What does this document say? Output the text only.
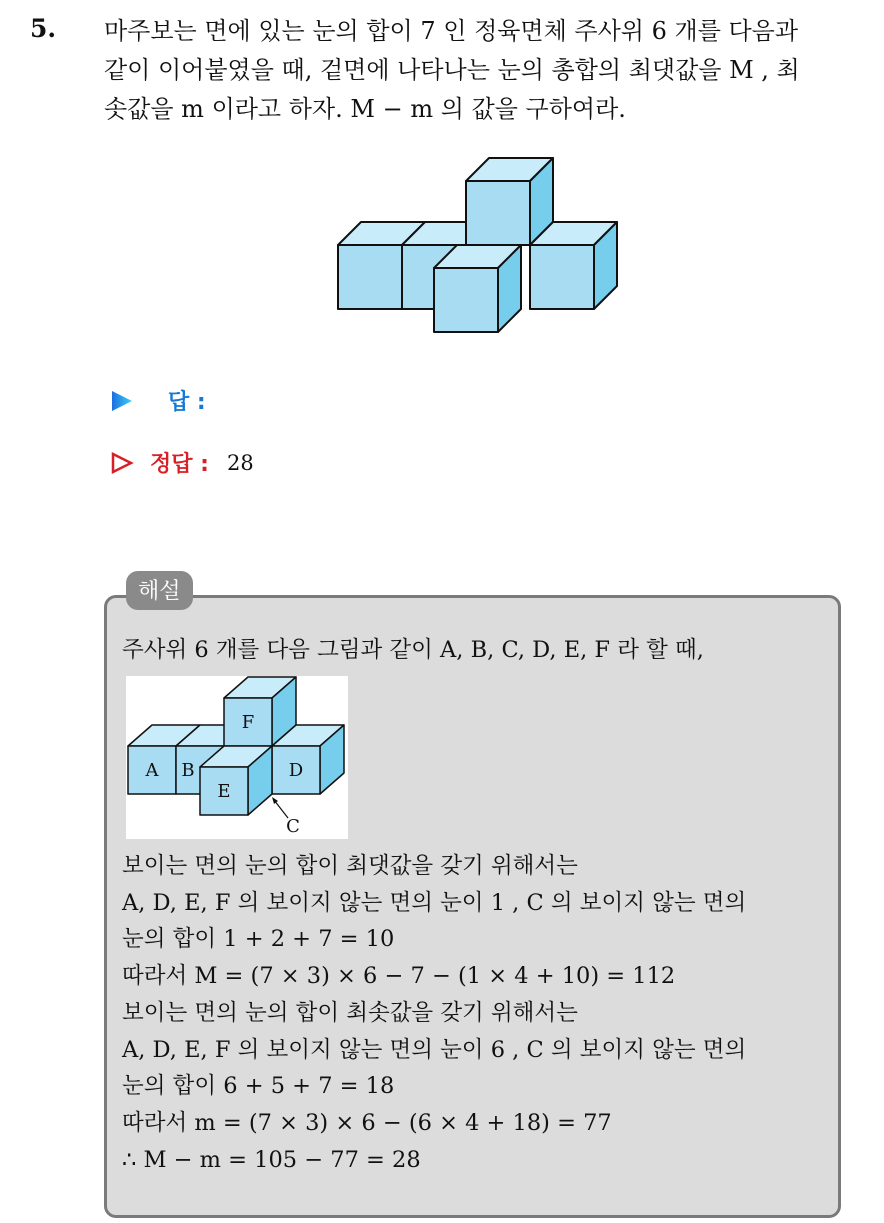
5. 마주보는 면에 있는 눈의 합이 7 인 정육면체 주사위 6 개를 다음과
같이 이어붙였을 때, 겉면에 나타나는 눈의 총합의 최댓값을 M , 최
솟값을 m 이라고 하자. M − m 의 값을 구하여라.

답 :
정답 : 28
해설

주사위 6 개를 다음 그림과 같이 A, B, C, D, E, F 라 할 때,

A B
F
D
E
C

보이는 면의 눈의 합이 최댓값을 갖기 위해서는
A, D, E, F 의 보이지 않는 면의 눈이 1 , C 의 보이지 않는 면의
눈의 합이 1 + 2 + 7 = 10
따라서 M = (7 × 3) × 6 − 7 − (1 × 4 + 10) = 112
보이는 면의 눈의 합이 최솟값을 갖기 위해서는
A, D, E, F 의 보이지 않는 면의 눈이 6 , C 의 보이지 않는 면의
눈의 합이 6 + 5 + 7 = 18
따라서 m = (7 × 3) × 6 − (6 × 4 + 18) = 77
∴ M − m = 105 − 77 = 28
